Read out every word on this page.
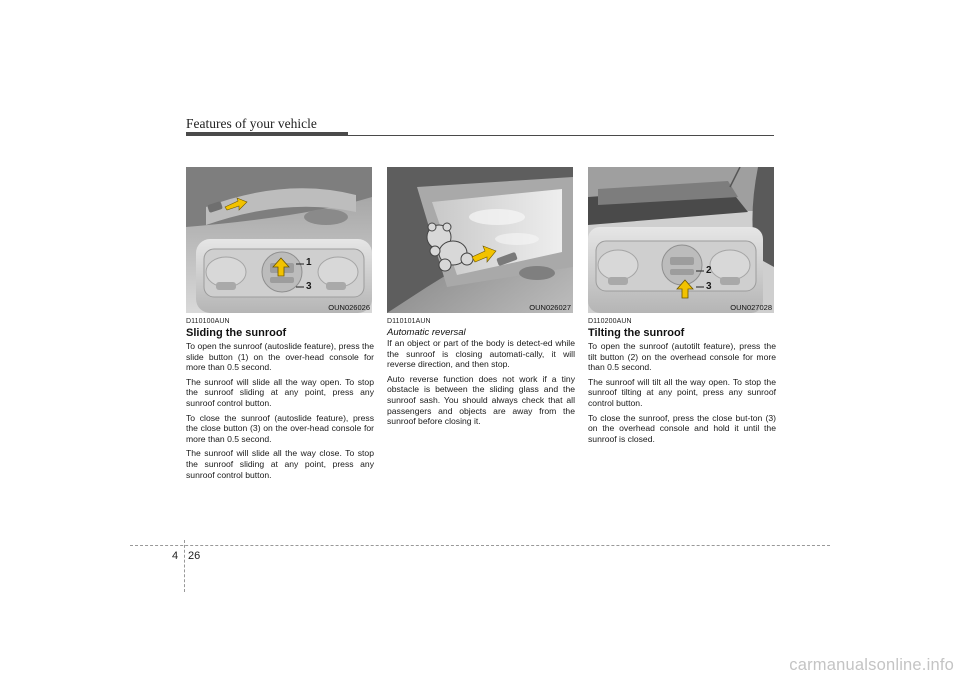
Features of your vehicle
1
3
OUN026026	OUN026027
2
3
OUN027028
D110100AUN
Sliding the sunroof

To open the sunroof (autoslide feature), press the slide button (1) on the over-head console for more than 0.5 second.

The sunroof will slide all the way open. To stop the sunroof sliding at any point, press any sunroof control button.

To close the sunroof (autoslide feature), press the close button (3) on the over-head console for more than 0.5 second.

The sunroof will slide all the way close. To stop the sunroof sliding at any point, press any sunroof control button.

D110101AUN
Automatic reversal

If an object or part of the body is detect-ed while the sunroof is closing automati-cally, it will reverse direction, and then stop.

Auto reverse function does not work if a tiny obstacle is between the sliding glass and the sunroof sash. You should always check that all passengers and objects are away from the sunroof before closing it.

D110200AUN
Tilting the sunroof

To open the sunroof (autotilt feature), press the tilt button (2) on the overhead console for more than 0.5 second.

The sunroof will tilt all the way open. To stop the sunroof tilting at any point, press any sunroof control button.

To close the sunroof, press the close but-ton (3) on the overhead console and hold it until the sunroof is closed.

4 26
carmanualsonline.info
